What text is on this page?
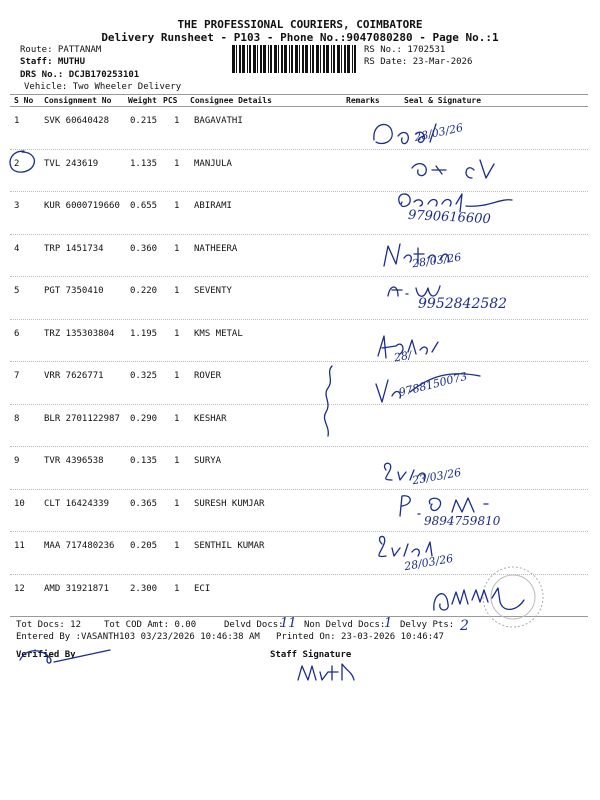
THE PROFESSIONAL COURIERS, COIMBATORE
Delivery Runsheet - P103 - Phone No.:9047080280 - Page No.:1
Route: PATTANAM
Staff: MUTHU
DRS No.: DCJB170253101
Vehicle: Two Wheeler Delivery
RS No.: 1702531
RS Date: 23-Mar-2026
S No Consignment No Weight PCS Consignee Details	Remarks	Seal & Signature
1	SVK 60640428 0.215 1 BAGAVATHI
2	TVL 243619	1.135 1 MANJULA
3	KUR 6000719660 0.655 1 ABIRAMI
4	TRP 1451734	0.360 1 NATHEERA
5	PGT 7350410	0.220 1 SEVENTY
6	TRZ 135303804 1.195 1 KMS METAL
7	VRR 7626771	0.325 1 ROVER
8	BLR 2701122987 0.290 1 KESHAR
9	TVR 4396538	0.135 1 SURYA
10 CLT 16424339 0.365 1 SURESH KUMJAR
11 MAA 717480236 0.205 1 SENTHIL KUMAR
12 AMD 31921871 2.300 1 ECI
28/03/26
9790616600
28/03/26
9952842582
28/
9788150073
23/03/26
9894759810
28/03/26
Tot Docs: 12	Tot COD Amt: 0.00	Delvd Docs:
11 Non Delvd Docs:
1 Delvy Pts: 2
Entered By :VASANTH103 03/23/2026 10:46:38 AM Printed On: 23-03-2026 10:46:47
Verified By	Staff Signature
